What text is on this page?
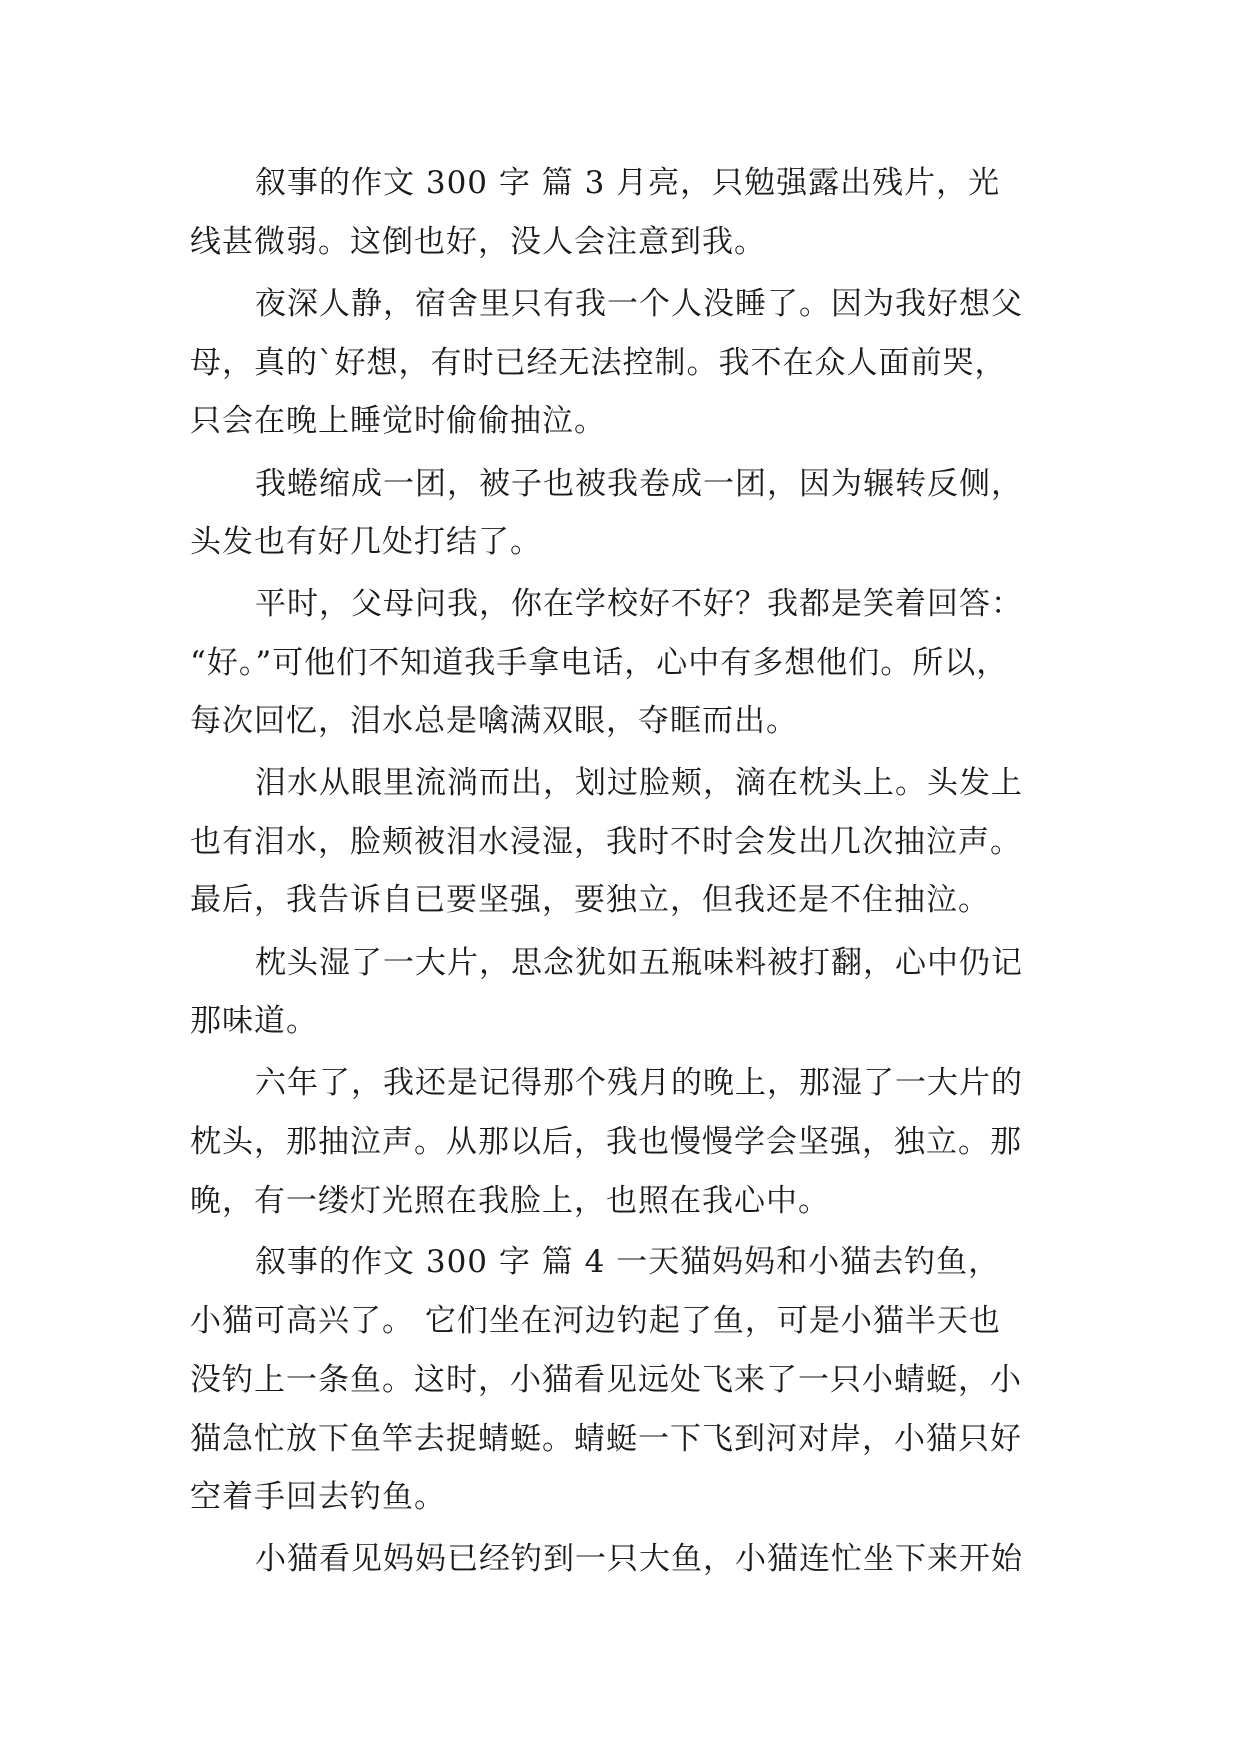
叙事的作文 300 字 篇 3 月亮，只勉强露出残片，光
线甚微弱。这倒也好，没人会注意到我。
夜深人静，宿舍里只有我一个人没睡了。因为我好想父
母，真的`好想，有时已经无法控制。我不在众人面前哭，
只会在晚上睡觉时偷偷抽泣。
我蜷缩成一团，被子也被我卷成一团，因为辗转反侧，
头发也有好几处打结了。
平时，父母问我，你在学校好不好？我都是笑着回答：
“好。”可他们不知道我手拿电话，心中有多想他们。所以，
每次回忆，泪水总是噙满双眼，夺眶而出。
泪水从眼里流淌而出，划过脸颊，滴在枕头上。头发上
也有泪水，脸颊被泪水浸湿，我时不时会发出几次抽泣声。
最后，我告诉自已要坚强，要独立，但我还是不住抽泣。
枕头湿了一大片，思念犹如五瓶味料被打翻，心中仍记
那味道。
六年了，我还是记得那个残月的晚上，那湿了一大片的
枕头，那抽泣声。从那以后，我也慢慢学会坚强，独立。那
晚，有一缕灯光照在我脸上，也照在我心中。
叙事的作文 300 字 篇 4 一天猫妈妈和小猫去钓鱼，
小猫可高兴了。 它们坐在河边钓起了鱼，可是小猫半天也
没钓上一条鱼。这时，小猫看见远处飞来了一只小蜻蜓，小
猫急忙放下鱼竿去捉蜻蜓。蜻蜓一下飞到河对岸，小猫只好
空着手回去钓鱼。
小猫看见妈妈已经钓到一只大鱼，小猫连忙坐下来开始
